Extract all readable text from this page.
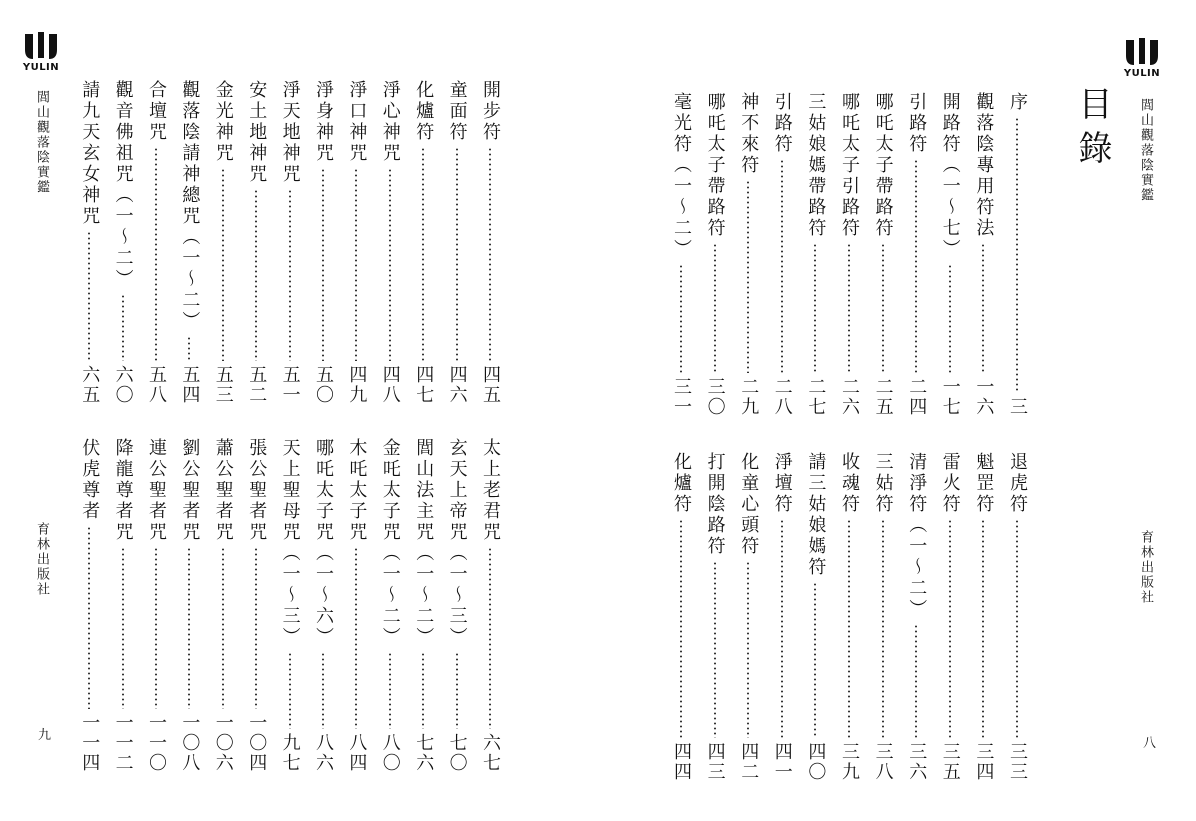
YULIN
閭山觀落陰實鑑
育林出版社
九
開步符
四五
童面符
四六
化爐符
四七
淨心神咒
四八
淨口神咒
四九
淨身神咒
五〇
淨天地神咒
五一
安土地神咒
五二
金光神咒
五三
觀落陰請神總咒（一～二）
五四
合壇咒
五八
觀音佛祖咒（一～二）
六〇
請九天玄女神咒
六五
太上老君咒
六七
玄天上帝咒（一～三）
七〇
閭山法主咒（一～二）
七六
金吒太子咒（一～二）
八〇
木吒太子咒
八四
哪吒太子咒（一～六）
八六
天上聖母咒（一～三）
九七
張公聖者咒
一〇四
蕭公聖者咒
一〇六
劉公聖者咒
一〇八
連公聖者咒
一一〇
降龍尊者咒
一一二
伏虎尊者
一一四
目錄
YULIN
閭山觀落陰實鑑
育林出版社
八
序
三
觀落陰專用符法
一六
開路符（一～七）
一七
引路符
二四
哪吒太子帶路符
二五
哪吒太子引路符
二六
三姑娘媽帶路符
二七
引路符
二八
神不來符
二九
哪吒太子帶路符
三〇
毫光符（一～二）
三一
退虎符
三三
魁罡符
三四
雷火符
三五
清淨符（一～二）
三六
三姑符
三八
收魂符
三九
請三姑娘媽符
四〇
淨壇符
四一
化童心頭符
四二
打開陰路符
四三
化爐符
四四
